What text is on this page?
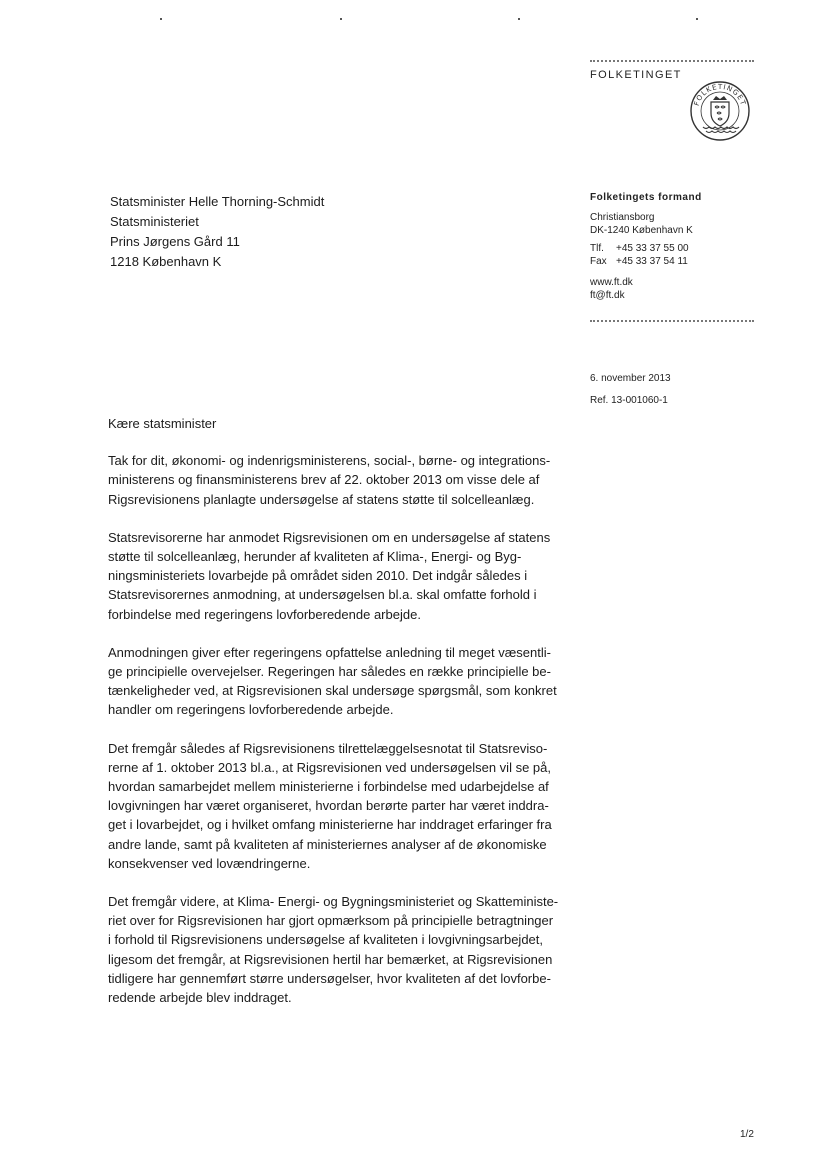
FOLKETINGET
FOLKETINGET
Statsminister Helle Thorning-Schmidt
Statsministeriet
Prins Jørgens Gård 11
1218 København K
Folketingets formand
Christiansborg
DK-1240 København K
Tlf. +45 33 37 55 00
Fax +45 33 37 54 11
www.ft.dk
ft@ft.dk
6. november 2013
Ref. 13-001060-1
Kære statsminister
Tak for dit, økonomi- og indenrigsministerens, social-, børne- og integrations-
ministerens og finansministerens brev af 22. oktober 2013 om visse dele af
Rigsrevisionens planlagte undersøgelse af statens støtte til solcelleanlæg.
Statsrevisorerne har anmodet Rigsrevisionen om en undersøgelse af statens
støtte til solcelleanlæg, herunder af kvaliteten af Klima-, Energi- og Byg-
ningsministeriets lovarbejde på området siden 2010. Det indgår således i
Statsrevisorernes anmodning, at undersøgelsen bl.a. skal omfatte forhold i
forbindelse med regeringens lovforberedende arbejde.
Anmodningen giver efter regeringens opfattelse anledning til meget væsentli-
ge principielle overvejelser. Regeringen har således en række principielle be-
tænkeligheder ved, at Rigsrevisionen skal undersøge spørgsmål, som konkret
handler om regeringens lovforberedende arbejde.
Det fremgår således af Rigsrevisionens tilrettelæggelsesnotat til Statsreviso-
rerne af 1. oktober 2013 bl.a., at Rigsrevisionen ved undersøgelsen vil se på,
hvordan samarbejdet mellem ministerierne i forbindelse med udarbejdelse af
lovgivningen har været organiseret, hvordan berørte parter har været inddra-
get i lovarbejdet, og i hvilket omfang ministerierne har inddraget erfaringer fra
andre lande, samt på kvaliteten af ministeriernes analyser af de økonomiske
konsekvenser ved lovændringerne.
Det fremgår videre, at Klima- Energi- og Bygningsministeriet og Skatteministe-
riet over for Rigsrevisionen har gjort opmærksom på principielle betragtninger
i forhold til Rigsrevisionens undersøgelse af kvaliteten i lovgivningsarbejdet,
ligesom det fremgår, at Rigsrevisionen hertil har bemærket, at Rigsrevisionen
tidligere har gennemført større undersøgelser, hvor kvaliteten af det lovforbe-
redende arbejde blev inddraget.
1/2
